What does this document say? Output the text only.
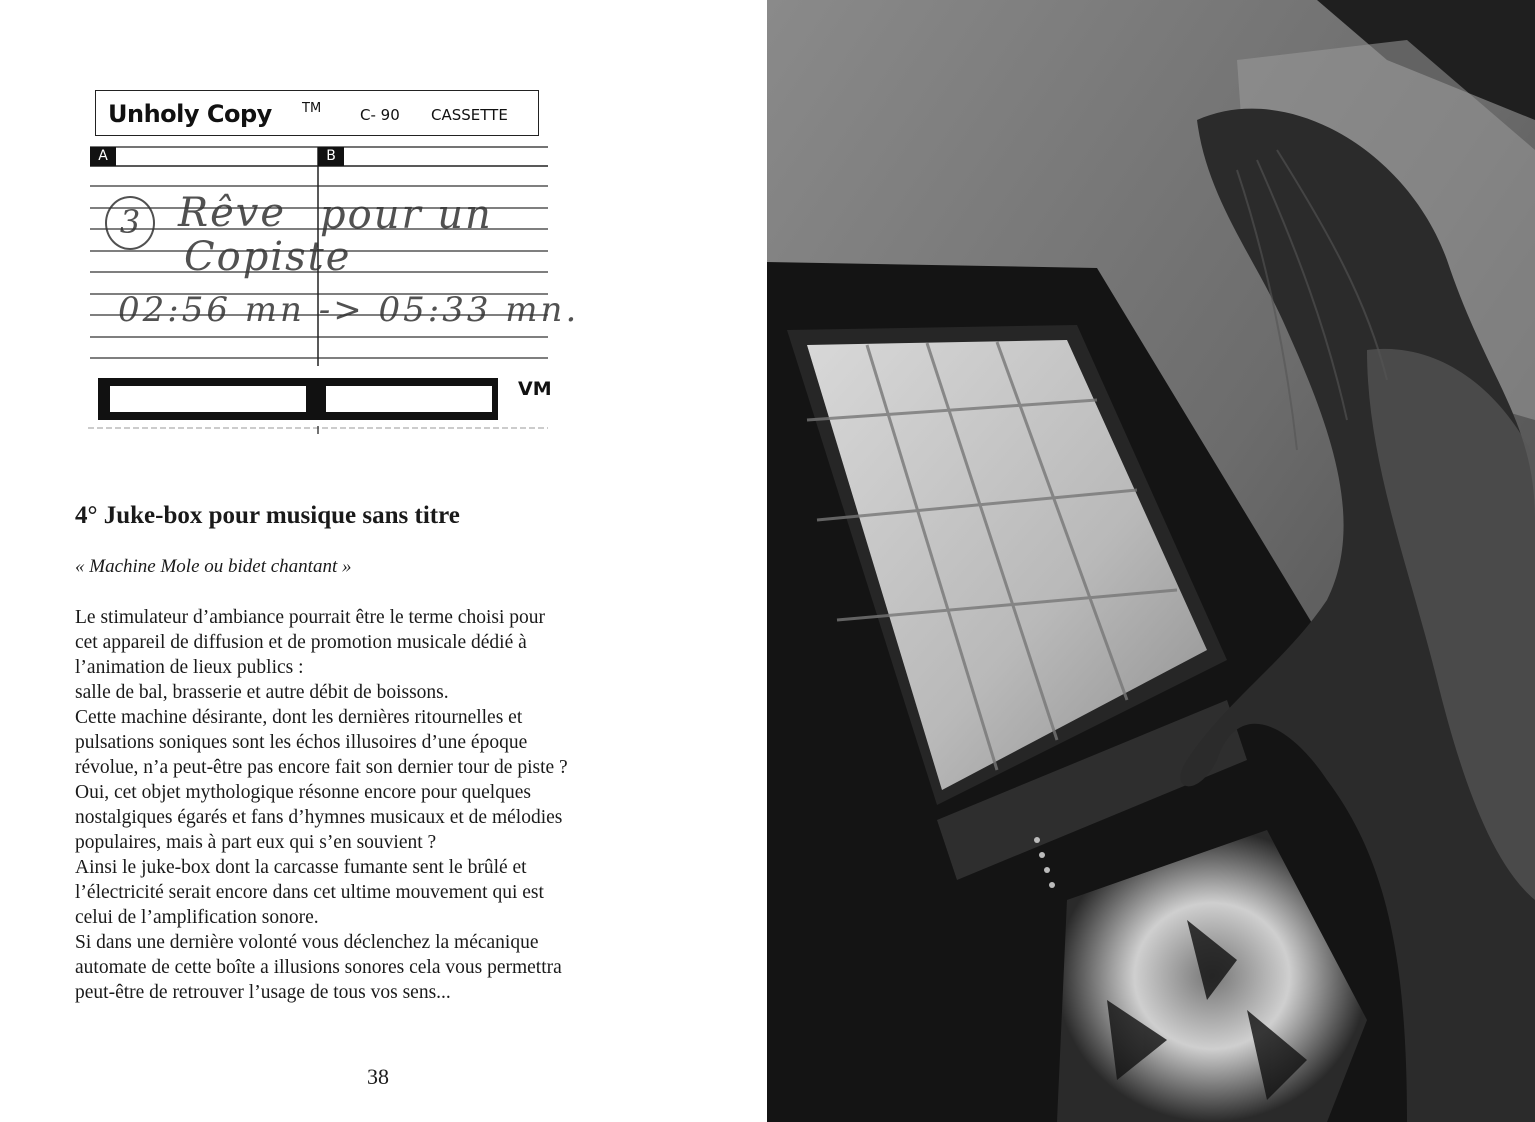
Unholy Copy TM	C- 90 CASSETTE
A	B
3 Rêve pour un
Copiste
02:56 mn -> 05:33 mn.
VM
4° Juke-box pour musique sans titre
« Machine Mole ou bidet chantant »
Le stimulateur d’ambiance pourrait être le terme choisi pour
cet appareil de diffusion et de promotion musicale dédié à
l’animation de lieux publics :
salle de bal, brasserie et autre débit de boissons.
Cette machine désirante, dont les dernières ritournelles et
pulsations soniques sont les échos illusoires d’une époque
révolue, n’a peut-être pas encore fait son dernier tour de piste ?
Oui, cet objet mythologique résonne encore pour quelques
nostalgiques égarés et fans d’hymnes musicaux et de mélodies
populaires, mais à part eux qui s’en souvient ?
Ainsi le juke-box dont la carcasse fumante sent le brûlé et
l’électricité serait encore dans cet ultime mouvement qui est
celui de l’amplification sonore.
Si dans une dernière volonté vous déclenchez la mécanique
automate de cette boîte a illusions sonores cela vous permettra
peut-être de retrouver l’usage de tous vos sens...
38
